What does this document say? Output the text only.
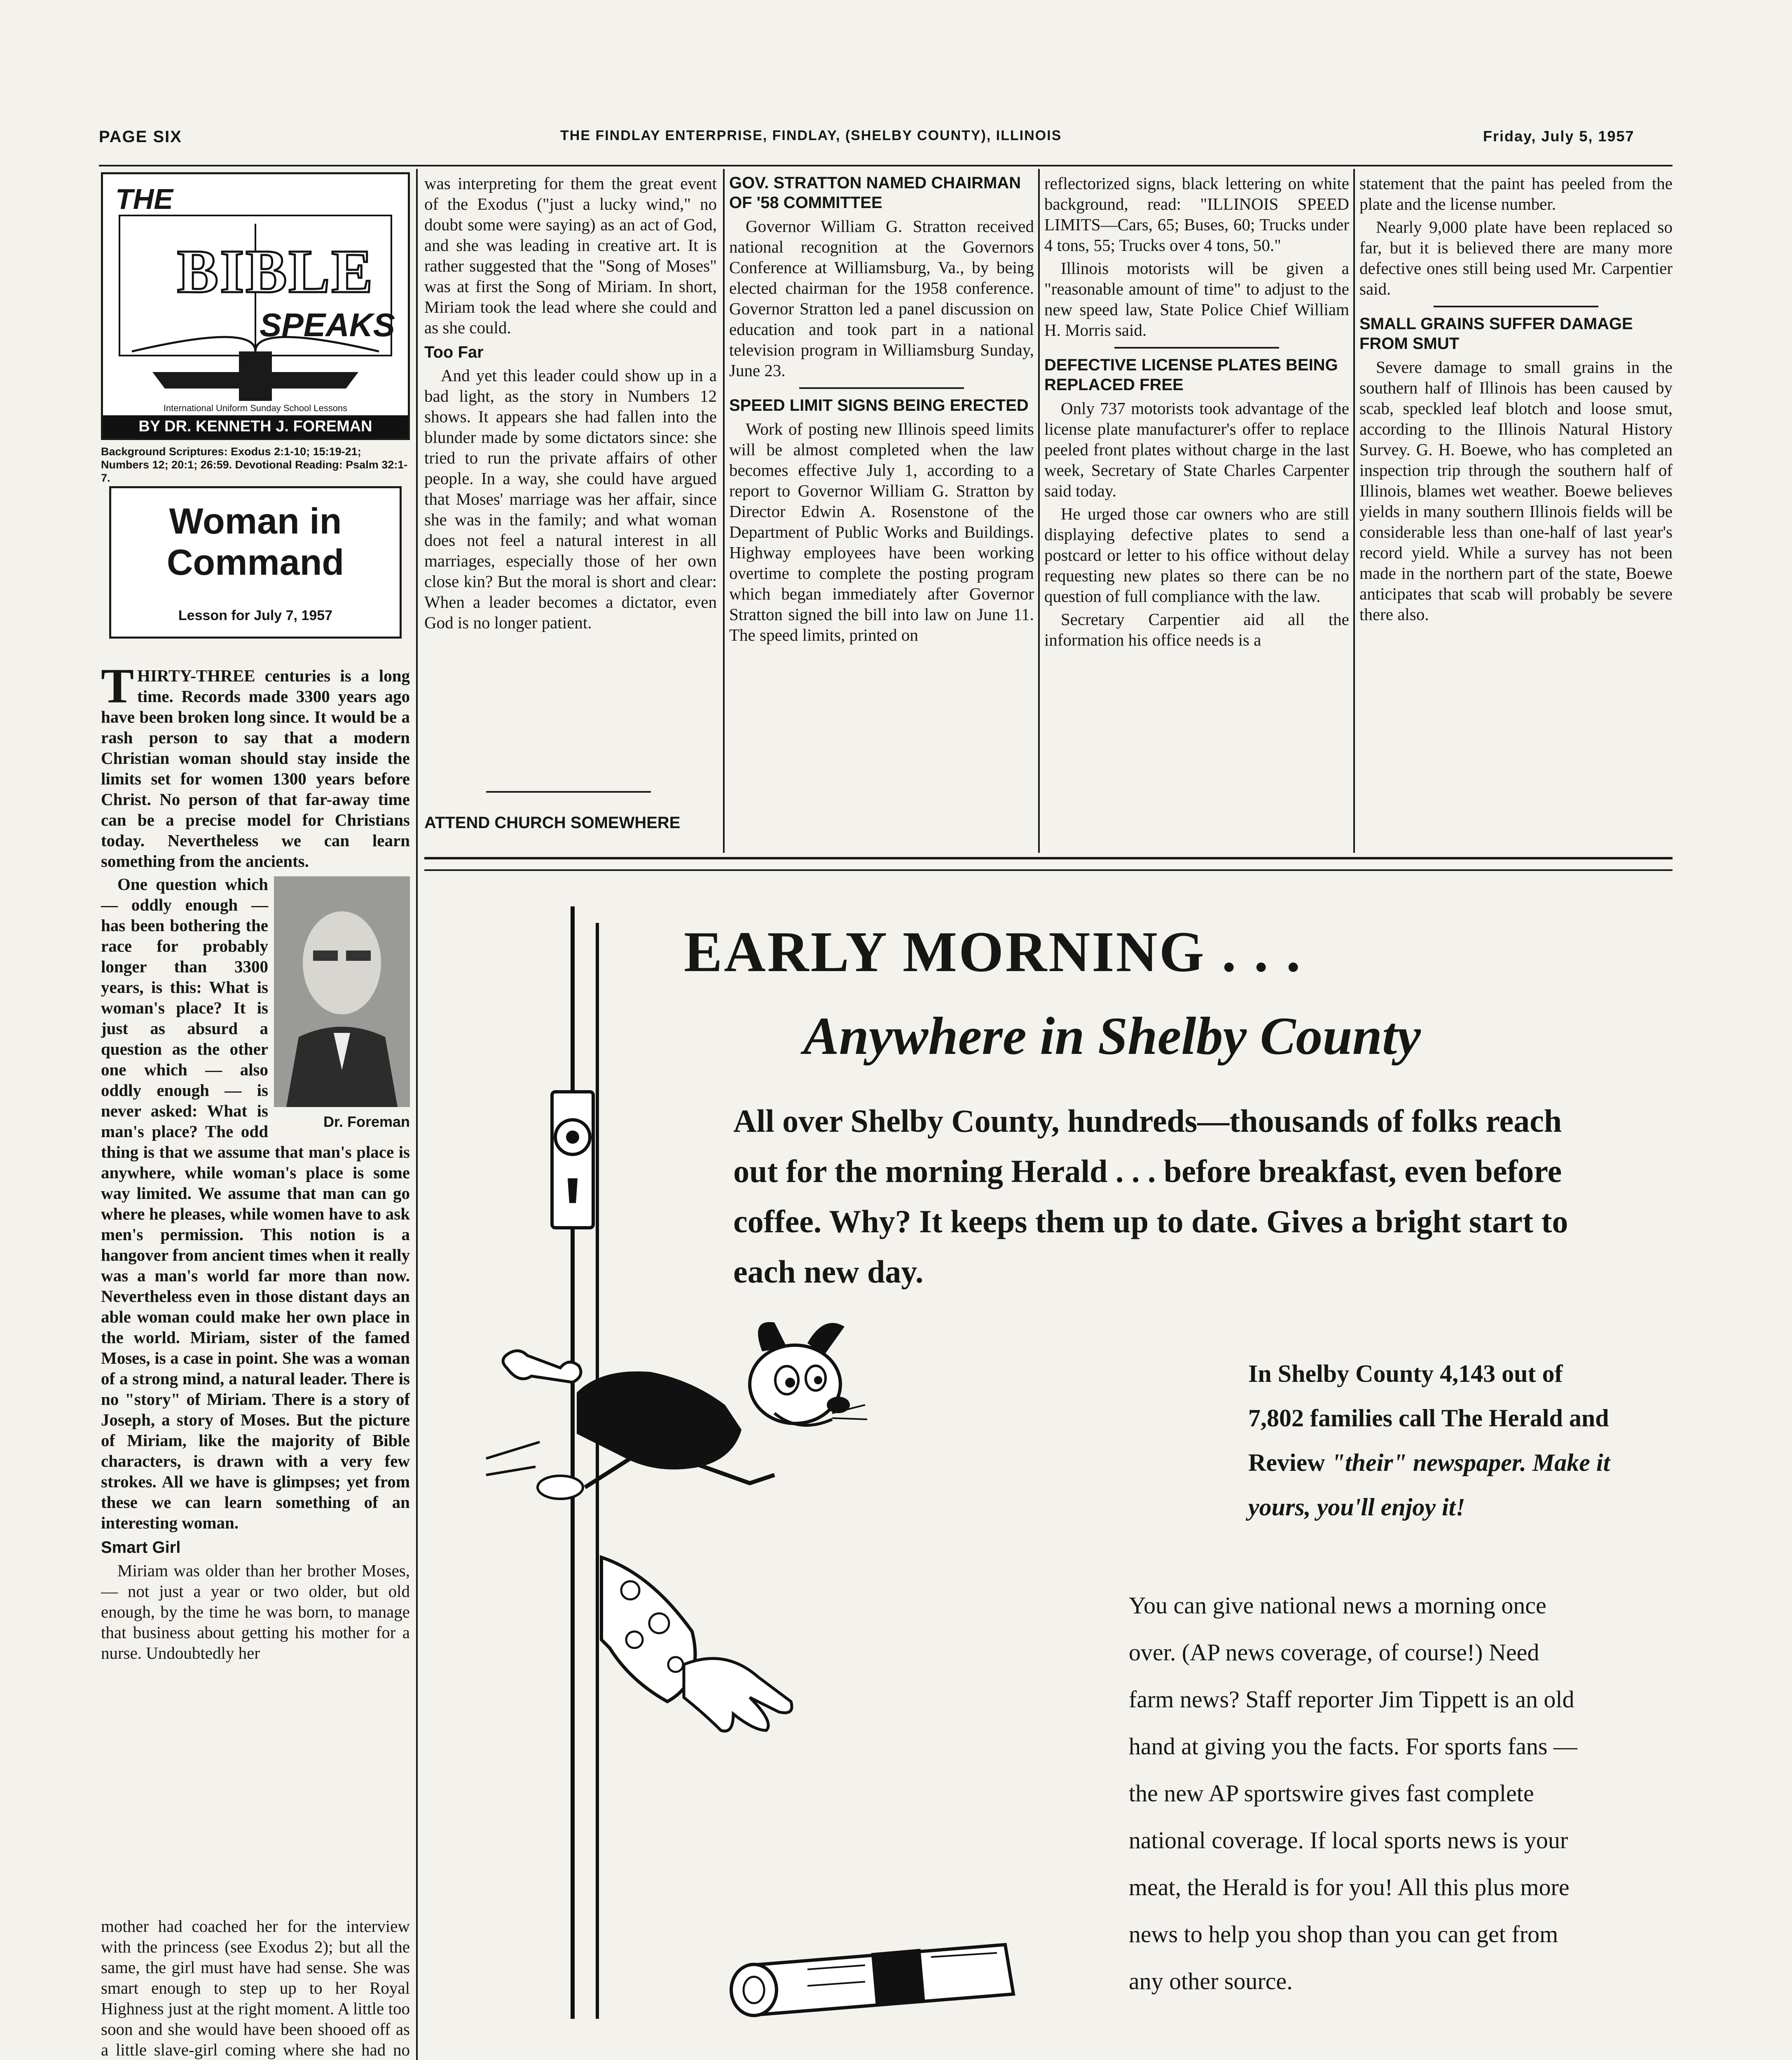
PAGE SIX	THE FINDLAY ENTERPRISE, FINDLAY, (SHELBY COUNTY), ILLINOIS	Friday, July 5, 1957
THE
BIBLE
SPEAKS
International Uniform Sunday School Lessons
BY DR. KENNETH J. FOREMAN
Background Scriptures: Exodus 2:1-10; 15:19-21; Numbers 12; 20:1; 26:59. Devotional Reading: Psalm 32:1-7.
Woman in Command
Lesson for July 7, 1957

THIRTY-THREE centuries is a long time. Records made 3300 years ago have been broken long since. It would be a rash person to say that a modern Christian woman should stay inside the limits set for women 1300 years before Christ. No person of that far-away time can be a precise model for Christians today. Nevertheless we can learn something from the ancients.

Dr. Foreman

One question which — oddly enough — has been bothering the race for probably longer than 3300 years, is this: What is woman's place? It is just as absurd a question as the other one which — also oddly enough — is never asked: What is man's place? The odd thing is that we assume that man's place is anywhere, while woman's place is some way limited. We assume that man can go where he pleases, while women have to ask men's permission. This notion is a hangover from ancient times when it really was a man's world far more than now. Nevertheless even in those distant days an able woman could make her own place in the world. Miriam, sister of the famed Moses, is a case in point. She was a woman of a strong mind, a natural leader. There is no "story" of Miriam. There is a story of Joseph, a story of Moses. But the picture of Miriam, like the majority of Bible characters, is drawn with a very few strokes. All we have is glimpses; yet from these we can learn something of an interesting woman.

Smart Girl

Miriam was older than her brother Moses, — not just a year or two older, but old enough, by the time he was born, to manage that business about getting his mother for a nurse. Undoubtedly her

mother had coached her for the interview with the princess (see Exodus 2); but all the same, the girl must have had sense. She was smart enough to step up to her Royal Highness just at the right moment. A little too soon and she would have been shooed off as a little slave-girl coming where she had no

was interpreting for them the great event of the Exodus ("just a lucky wind," no doubt some were saying) as an act of God, and she was leading in creative art. It is rather suggested that the "Song of Moses" was at first the Song of Miriam. In short, Miriam took the lead where she could and as she could.

Too Far

And yet this leader could show up in a bad light, as the story in Numbers 12 shows. It appears she had fallen into the blunder made by some dictators since: she tried to run the private affairs of other people. In a way, she could have argued that Moses' marriage was her affair, since she was in the family; and what woman does not feel a natural interest in all marriages, especially those of her own close kin? But the moral is short and clear: When a leader becomes a dictator, even God is no longer patient.

ATTEND CHURCH SOMEWHERE
GOV. STRATTON NAMED CHAIRMAN OF '58 COMMITTEE

Governor William G. Stratton received national recognition at the Governors Conference at Williamsburg, Va., by being elected chairman for the 1958 conference. Governor Stratton led a panel discussion on education and took part in a national television program in Williamsburg Sunday, June 23.

SPEED LIMIT SIGNS BEING ERECTED

Work of posting new Illinois speed limits will be almost completed when the law becomes effective July 1, according to a report to Governor William G. Stratton by Director Edwin A. Rosenstone of the Department of Public Works and Buildings. Highway employees have been working overtime to complete the posting program which began immediately after Governor Stratton signed the bill into law on June 11. The speed limits, printed on

reflectorized signs, black lettering on white background, read: "ILLINOIS SPEED LIMITS—Cars, 65; Buses, 60; Trucks under 4 tons, 55; Trucks over 4 tons, 50."

Illinois motorists will be given a "reasonable amount of time" to adjust to the new speed law, State Police Chief William H. Morris said.

DEFECTIVE LICENSE PLATES BEING REPLACED FREE

Only 737 motorists took advantage of the license plate manufacturer's offer to replace peeled front plates without charge in the last week, Secretary of State Charles Carpenter said today.

He urged those car owners who are still displaying defective plates to send a postcard or letter to his office without delay requesting new plates so there can be no question of full compliance with the law.

Secretary Carpentier aid all the information his office needs is a

statement that the paint has peeled from the plate and the license number.

Nearly 9,000 plate have been replaced so far, but it is believed there are many more defective ones still being used Mr. Carpentier said.

SMALL GRAINS SUFFER DAMAGE FROM SMUT

Severe damage to small grains in the southern half of Illinois has been caused by scab, speckled leaf blotch and loose smut, according to the Illinois Natural History Survey. G. H. Boewe, who has completed an inspection trip through the southern half of Illinois, blames wet weather. Boewe believes yields in many southern Illinois fields will be considerable less than one-half of last year's record yield. While a survey has not been made in the northern part of the state, Boewe anticipates that scab will probably be severe there also.

EARLY MORNING . . .
Anywhere in Shelby County
All over Shelby County, hundreds—thousands of folks reach out for the morning Herald . . . before breakfast, even before coffee. Why? It keeps them up to date. Gives a bright start to each new day.
In Shelby County 4,143 out of 7,802 families call The Herald and Review "their" newspaper. Make it yours, you'll enjoy it!
You can give national news a morning once over. (AP news coverage, of course!) Need farm news? Staff reporter Jim Tippett is an old hand at giving you the facts. For sports fans — the new AP sportswire gives fast complete national coverage. If local sports news is your meat, the Herald is for you! All this plus more news to help you shop than you can get from any other source.
